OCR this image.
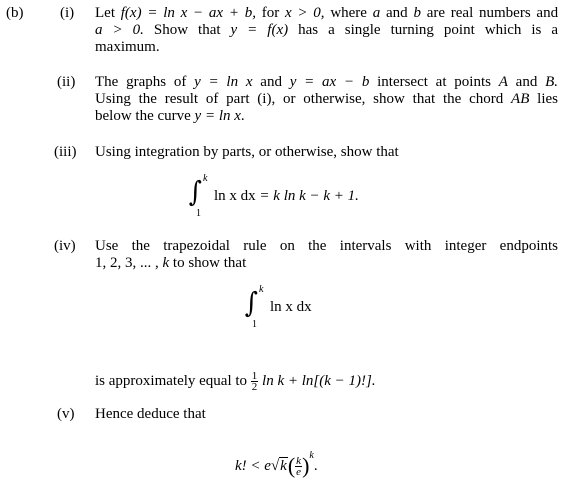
(b) (i) Let f(x) = ln x − ax + b, for x > 0, where a and b are real numbers and
a > 0. Show that y = f(x) has a single turning point which is a
maximum.
(ii) The graphs of y = ln x and y = ax − b intersect at points A and B.
Using the result of part (i), or otherwise, show that the chord AB lies
below the curve y = ln x.
(iii) Using integration by parts, or otherwise, show that
∫ k
1
ln x dx = k ln k − k + 1.
(iv) Use the trapezoidal rule on the intervals with integer endpoints
1, 2, 3, ... , k to show that
∫ k
1
ln x dx
is approximately equal to $\frac{1}{2}$ ln k + ln[(k − 1)!].
(v) Hence deduce that
k! < $e√k( \frac{k}{e} )^k$.
